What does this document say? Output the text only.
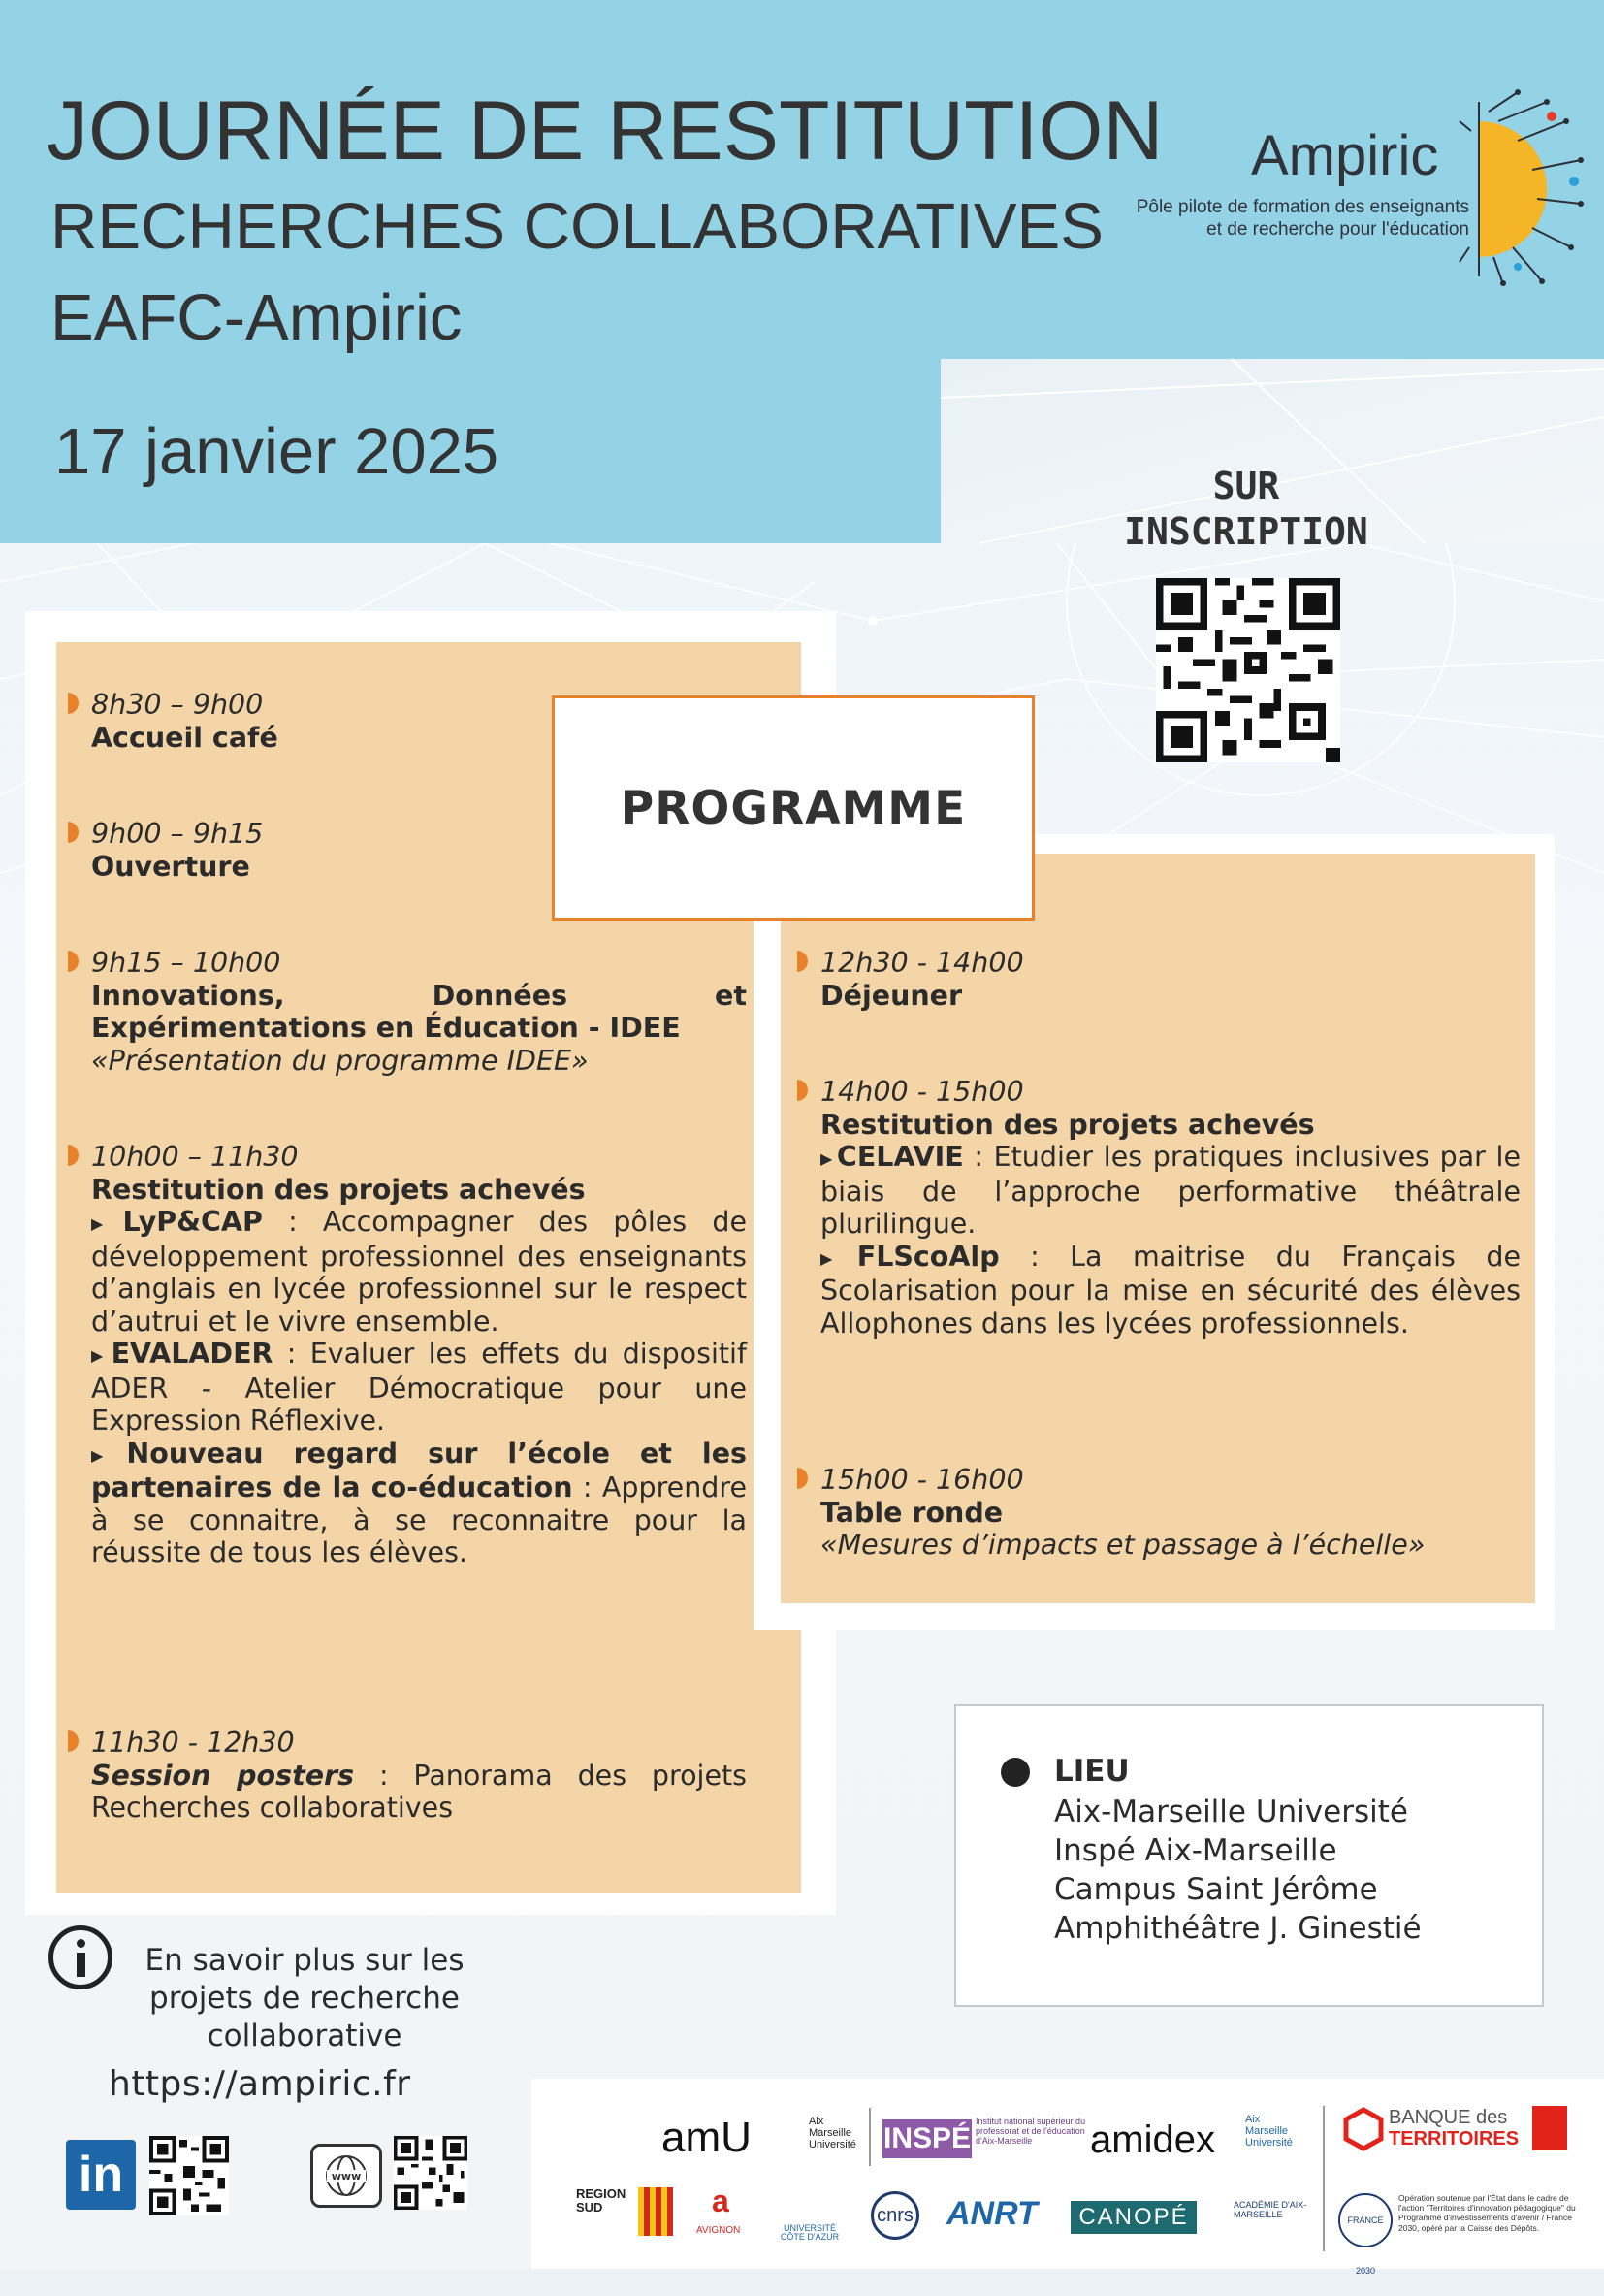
JOURNÉE DE RESTITUTION
RECHERCHES COLLABORATIVES
EAFC-Ampiric
17 janvier 2025
Ampiric
Pôle pilote de formation des enseignants
et de recherche pour l'éducation
SUR
INSCRIPTION
PROGRAMME
8h30 – 9h00
Accueil café
9h00 – 9h15
Ouverture
9h15 – 10h00

Innovations, Données et Expérimentations en Éducation - IDEE

«Présentation du programme IDEE»
10h00 – 11h30
Restitution des projets achevés

▶ LyP&CAP : Accompagner des pôles de développement professionnel des enseignants d’anglais en lycée professionnel sur le respect d’autrui et le vivre ensemble.

▶ EVALADER : Evaluer les effets du dispositif ADER - Atelier Démocratique pour une Expression Réflexive.

▶ Nouveau regard sur l’école et les partenaires de la co-éducation : Apprendre à se connaitre, à se reconnaitre pour la réussite de tous les élèves.

11h30 - 12h30

Session posters : Panorama des projets Recherches collaboratives

12h30 - 14h00
Déjeuner
14h00 - 15h00
Restitution des projets achevés

▶ CELAVIE : Etudier les pratiques inclusives par le biais de l’approche performative théâtrale plurilingue.

▶ FLScoAlp : La maitrise du Français de Scolarisation pour la mise en sécurité des élèves Allophones dans les lycées professionnels.

15h00 - 16h00
Table ronde
«Mesures d’impacts et passage à l’échelle»
LIEU
Aix-Marseille Université
Inspé Aix-Marseille
Campus Saint Jérôme
Amphithéâtre J. Ginestié
En savoir plus sur les
projets de recherche
collaborative
https://ampiric.fr
in	www
amU	Aix
Marseille
Université INSPÉ
Institut national supérieur du professorat et de l'éducation d'Aix-Marseille	amidex	Aix
Marseille
Université
BANQUE des
TERRITOIRES
REGION SUD	a
AVIGNON	UNIVERSITÉ CÔTE D'AZUR
cnrs ANRT	CANOPÉ	ACADÉMIE D'AIX-MARSEILLE
FRANCE 2030
Opération soutenue par l'État dans le cadre de l'action "Territoires d'innovation pédagogique" du Programme d'investissements d'avenir / France 2030, opéré par la Caisse des Dépôts.
